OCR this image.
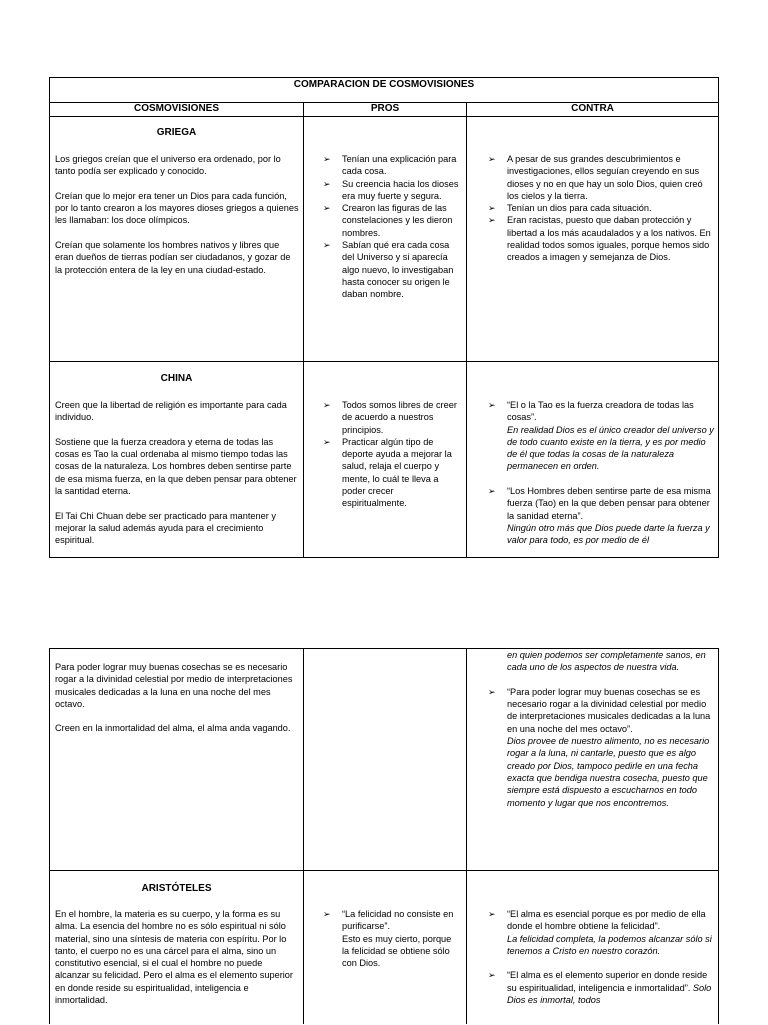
COMPARACION DE COSMOVISIONES
COSMOVISIONES	PROS	CONTRA
GRIEGA

Los griegos creían que el universo era ordenado, por lo tanto podía ser explicado y conocido.

Creían que lo mejor era tener un Dios para cada función, por lo tanto crearon a los mayores dioses griegos a quienes les llamaban: los doce olímpicos.

Creían que solamente los hombres nativos y libres que eran dueños de tierras podían ser ciudadanos, y gozar de la protección entera de la ley en una ciudad-estado.

➢ Tenían una explicación para cada cosa.
➢ Su creencia hacia los dioses era muy fuerte y segura.
➢ Crearon las figuras de las constelaciones y les dieron nombres.
➢ Sabían qué era cada cosa del Universo y si aparecía algo nuevo, lo investigaban hasta conocer su origen le daban nombre.
➢ A pesar de sus grandes descubrimientos e investigaciones, ellos seguían creyendo en sus dioses y no en que hay un solo Dios, quien creó los cielos y la tierra.
➢ Tenían un dios para cada situación.
➢ Eran racistas, puesto que daban protección y libertad a los más acaudalados y a los nativos. En realidad todos somos iguales, porque hemos sido creados a imagen y semejanza de Dios.
CHINA

Creen que la libertad de religión es importante para cada individuo.

Sostiene que la fuerza creadora y eterna de todas las cosas es Tao la cual ordenaba al mismo tiempo todas las cosas de la naturaleza. Los hombres deben sentirse parte de esa misma fuerza, en la que deben pensar para obtener la santidad eterna.

El Tai Chi Chuan debe ser practicado para mantener y mejorar la salud además ayuda para el crecimiento espiritual.

➢ Todos somos libres de creer de acuerdo a nuestros principios.
➢ Practicar algún tipo de deporte ayuda a mejorar la salud, relaja el cuerpo y mente, lo cuál te lleva a poder crecer espiritualmente.
➢ “El o la Tao es la fuerza creadora de todas las cosas”.
En realidad Dios es el único creador del universo y de todo cuanto existe en la tierra, y es por medio de él que todas la cosas de la naturaleza permanecen en orden.
➢ “Los Hombres deben sentirse parte de esa misma fuerza (Tao) en la que deben pensar para obtener la sanidad eterna”.
Ningún otro más que Dios puede darte la fuerza y valor para todo, es por medio de él

Para poder lograr muy buenas cosechas se es necesario rogar a la divinidad celestial por medio de interpretaciones musicales dedicadas a la luna en una noche del mes octavo.

Creen en la inmortalidad del alma, el alma anda vagando.

en quien podemos ser completamente sanos, en cada uno de los aspectos de nuestra vida.

➢ “Para poder lograr muy buenas cosechas se es necesario rogar a la divinidad celestial por medio de interpretaciones musicales dedicadas a la luna en una noche del mes octavo”.
Dios provee de nuestro alimento, no es necesario rogar a la luna, ni cantarle, puesto que es algo creado por Dios, tampoco pedirle en una fecha exacta que bendiga nuestra cosecha, puesto que siempre está dispuesto a escucharnos en todo momento y lugar que nos encontremos.
ARISTÓTELES

En el hombre, la materia es su cuerpo, y la forma es su alma. La esencia del hombre no es sólo espiritual ni sólo material, sino una síntesis de materia con espíritu. Por lo tanto, el cuerpo no es una cárcel para el alma, sino un constitutivo esencial, si el cual el hombre no puede alcanzar su felicidad. Pero el alma es el elemento superior en donde reside su espiritualidad, inteligencia e inmortalidad.

➢ “La felicidad no consiste en purificarse”.
Esto es muy cierto, porque la felicidad se obtiene sólo con Dios.
➢ “El alma es esencial porque es por medio de ella donde el hombre obtiene la felicidad”.
La felicidad completa, la podemos alcanzar sólo si tenemos a Cristo en nuestro corazón.
➢ “El alma es el elemento superior en donde reside su espiritualidad, inteligencia e inmortalidad”. Solo Dios es inmortal, todos
